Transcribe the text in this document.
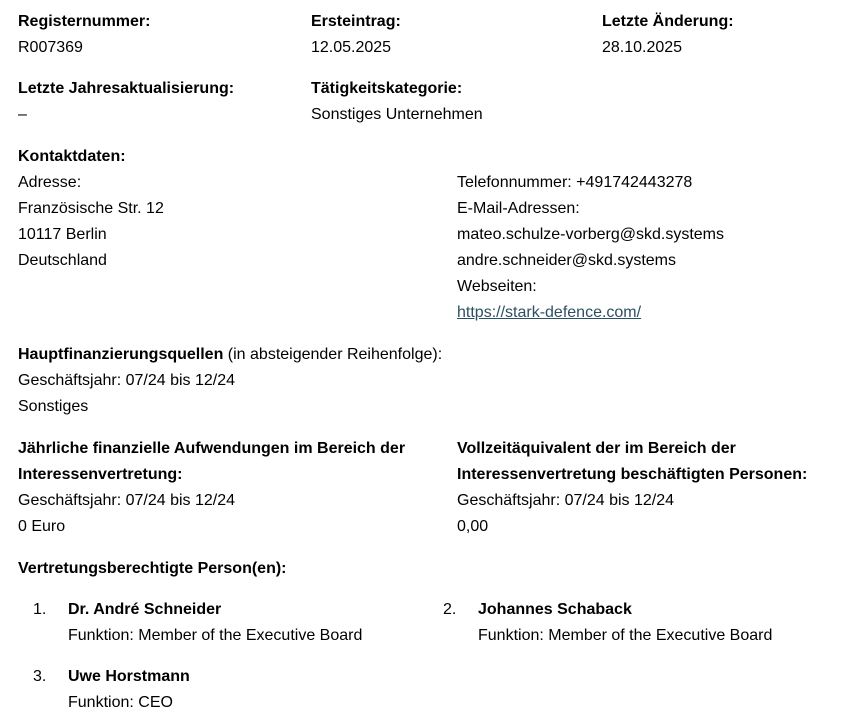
Registernummer:
R007369
Ersteintrag:
12.05.2025
Letzte Änderung:
28.10.2025
Letzte Jahresaktualisierung:
–
Tätigkeitskategorie:
Sonstiges Unternehmen
Kontaktdaten:
Adresse:
Französische Str. 12
10117 Berlin
Deutschland
Telefonnummer: +491742443278
E-Mail-Adressen:
mateo.schulze-vorberg@skd.systems
andre.schneider@skd.systems
Webseiten:
https://stark-defence.com/
Hauptfinanzierungsquellen (in absteigender Reihenfolge):
Geschäftsjahr: 07/24 bis 12/24
Sonstiges
Jährliche finanzielle Aufwendungen im Bereich der Interessenvertretung:
Geschäftsjahr: 07/24 bis 12/24
0 Euro
Vollzeitäquivalent der im Bereich der Interessenvertretung beschäftigten Personen:
Geschäftsjahr: 07/24 bis 12/24
0,00
Vertretungsberechtigte Person(en):
1.	Dr. André Schneider
Funktion: Member of the Executive Board
2.	Johannes Schaback
Funktion: Member of the Executive Board
3.	Uwe Horstmann
Funktion: CEO
